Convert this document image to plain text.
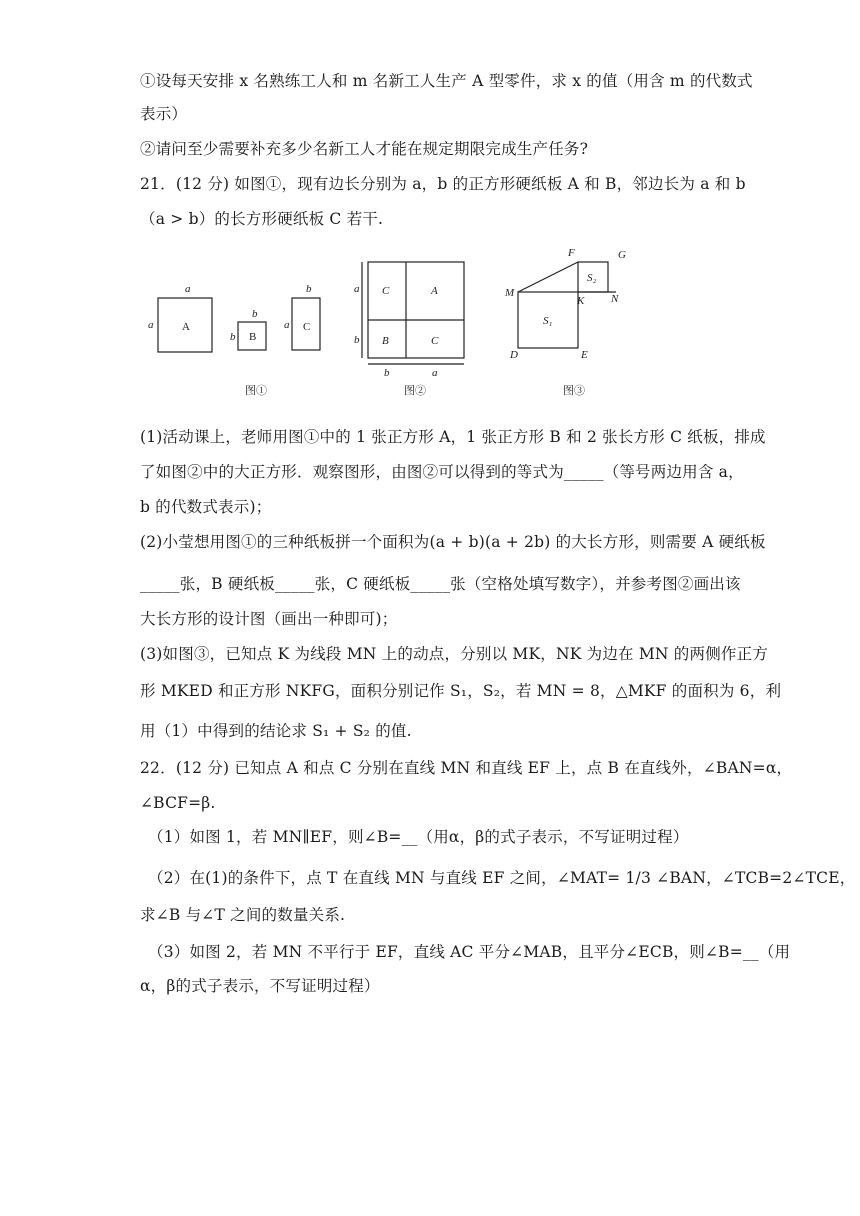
①设每天安排 x 名熟练工人和 m 名新工人生产 A 型零件，求 x 的值（用含 m 的代数式
表示）
②请问至少需要补充多少名新工人才能在规定期限完成生产任务?
21．(12 分) 如图①，现有边长分别为 a，b 的正方形硬纸板 A 和 B，邻边长为 a 和 b
（a > b）的长方形硬纸板 C 若干.
a
a	A
b
b B
b
a C
a
b
b	a
C	A
B	C
F	G
S₂
M
K N
S₁
D	E
图①	图②	图③
(1)活动课上，老师用图①中的 1 张正方形 A，1 张正方形 B 和 2 张长方形 C 纸板，排成
了如图②中的大正方形．观察图形，由图②可以得到的等式为_____（等号两边用含 a，
b 的代数式表示)；
(2)小莹想用图①的三种纸板拼一个面积为(a + b)(a + 2b) 的大长方形，则需要 A 硬纸板
_____张，B 硬纸板_____张，C 硬纸板_____张（空格处填写数字），并参考图②画出该
大长方形的设计图（画出一种即可)；
(3)如图③，已知点 K 为线段 MN 上的动点，分别以 MK，NK 为边在 MN 的两侧作正方
形 MKED 和正方形 NKFG，面积分别记作 S₁，S₂，若 MN = 8，△MKF 的面积为 6，利
用（1）中得到的结论求 S₁ + S₂ 的值.
22．(12 分) 已知点 A 和点 C 分别在直线 MN 和直线 EF 上，点 B 在直线外，∠BAN=α，
∠BCF=β.
（1）如图 1，若 MN∥EF，则∠B=__（用α，β的式子表示，不写证明过程）
（2）在(1)的条件下，点 T 在直线 MN 与直线 EF 之间，∠MAT= 1/3 ∠BAN，∠TCB=2∠TCE，
求∠B 与∠T 之间的数量关系.
（3）如图 2，若 MN 不平行于 EF，直线 AC 平分∠MAB，且平分∠ECB，则∠B=__（用
α，β的式子表示，不写证明过程）
